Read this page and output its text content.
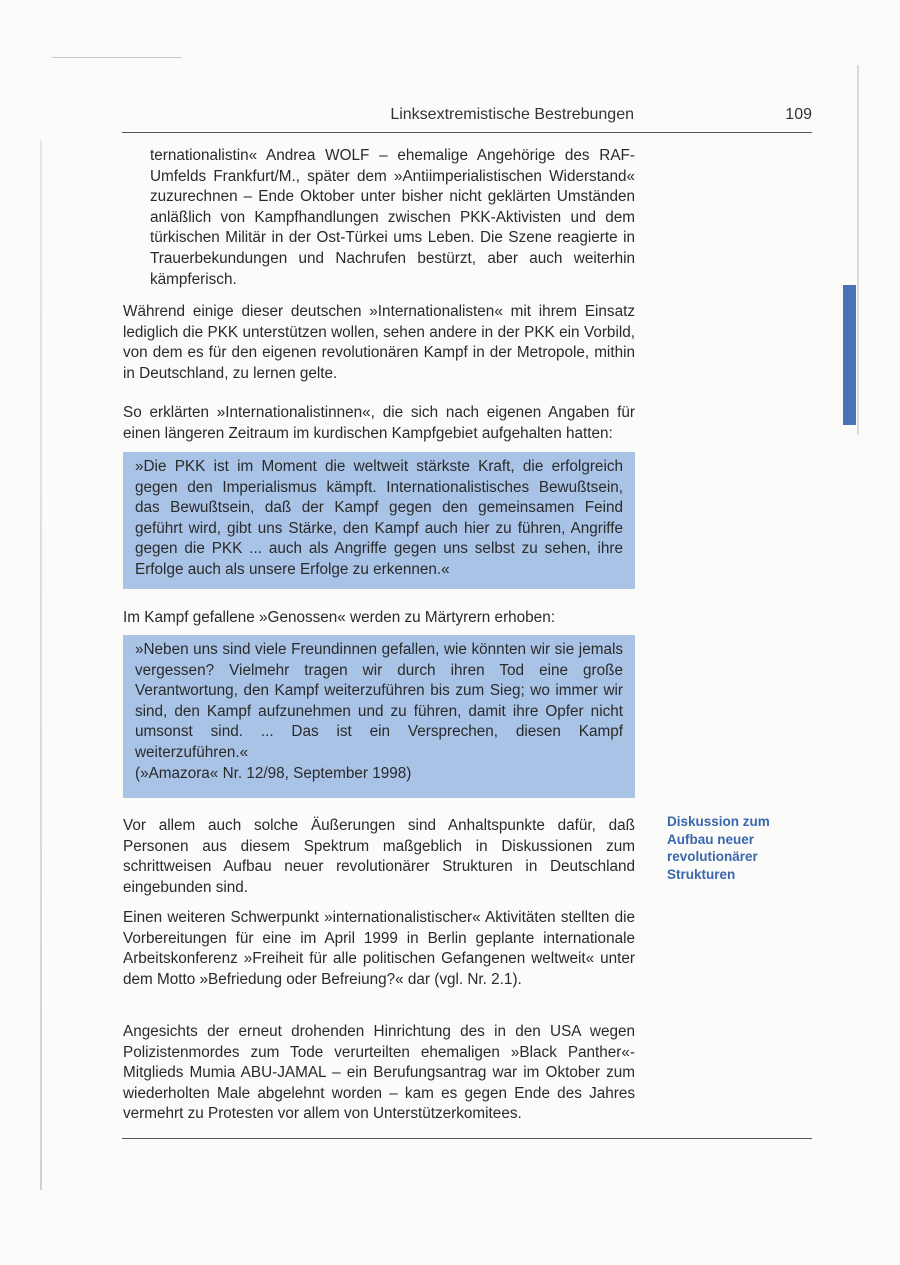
Linksextremistische Bestrebungen	109

ternationalistin« Andrea WOLF – ehemalige Angehörige des RAF-Umfelds Frankfurt/M., später dem »Antiimperialistischen Widerstand« zuzurechnen – Ende Oktober unter bisher nicht geklärten Umständen anläßlich von Kampfhandlungen zwischen PKK-Aktivisten und dem türkischen Militär in der Ost-Türkei ums Leben. Die Szene reagierte in Trauerbekundungen und Nachrufen bestürzt, aber auch weiterhin kämpferisch.

Während einige dieser deutschen »Internationalisten« mit ihrem Einsatz lediglich die PKK unterstützen wollen, sehen andere in der PKK ein Vorbild, von dem es für den eigenen revolutionären Kampf in der Metropole, mithin in Deutschland, zu lernen gelte.

So erklärten »Internationalistinnen«, die sich nach eigenen Angaben für einen längeren Zeitraum im kurdischen Kampfgebiet aufgehalten hatten:

»Die PKK ist im Moment die weltweit stärkste Kraft, die erfolgreich gegen den Imperialismus kämpft. Internationalistisches Bewußtsein, das Bewußtsein, daß der Kampf gegen den gemeinsamen Feind geführt wird, gibt uns Stärke, den Kampf auch hier zu führen, Angriffe gegen die PKK ... auch als Angriffe gegen uns selbst zu sehen, ihre Erfolge auch als unsere Erfolge zu erkennen.«

Im Kampf gefallene »Genossen« werden zu Märtyrern erhoben:

»Neben uns sind viele Freundinnen gefallen, wie könnten wir sie jemals vergessen? Vielmehr tragen wir durch ihren Tod eine große Verantwortung, den Kampf weiterzuführen bis zum Sieg; wo immer wir sind, den Kampf aufzunehmen und zu führen, damit ihre Opfer nicht umsonst sind. ... Das ist ein Versprechen, diesen Kampf weiterzuführen.«

(»Amazora« Nr. 12/98, September 1998)

Vor allem auch solche Äußerungen sind Anhaltspunkte dafür, daß Personen aus diesem Spektrum maßgeblich in Diskussionen zum schrittweisen Aufbau neuer revolutionärer Strukturen in Deutschland eingebunden sind.

Diskussion zum
Aufbau neuer
revolutionärer
Strukturen

Einen weiteren Schwerpunkt »internationalistischer« Aktivitäten stellten die Vorbereitungen für eine im April 1999 in Berlin geplante internationale Arbeitskonferenz »Freiheit für alle politischen Gefangenen weltweit« unter dem Motto »Befriedung oder Befreiung?« dar (vgl. Nr. 2.1).

Angesichts der erneut drohenden Hinrichtung des in den USA wegen Polizistenmordes zum Tode verurteilten ehemaligen »Black Panther«-Mitglieds Mumia ABU-JAMAL – ein Berufungsantrag war im Oktober zum wiederholten Male abgelehnt worden – kam es gegen Ende des Jahres vermehrt zu Protesten vor allem von Unterstützerkomitees.
